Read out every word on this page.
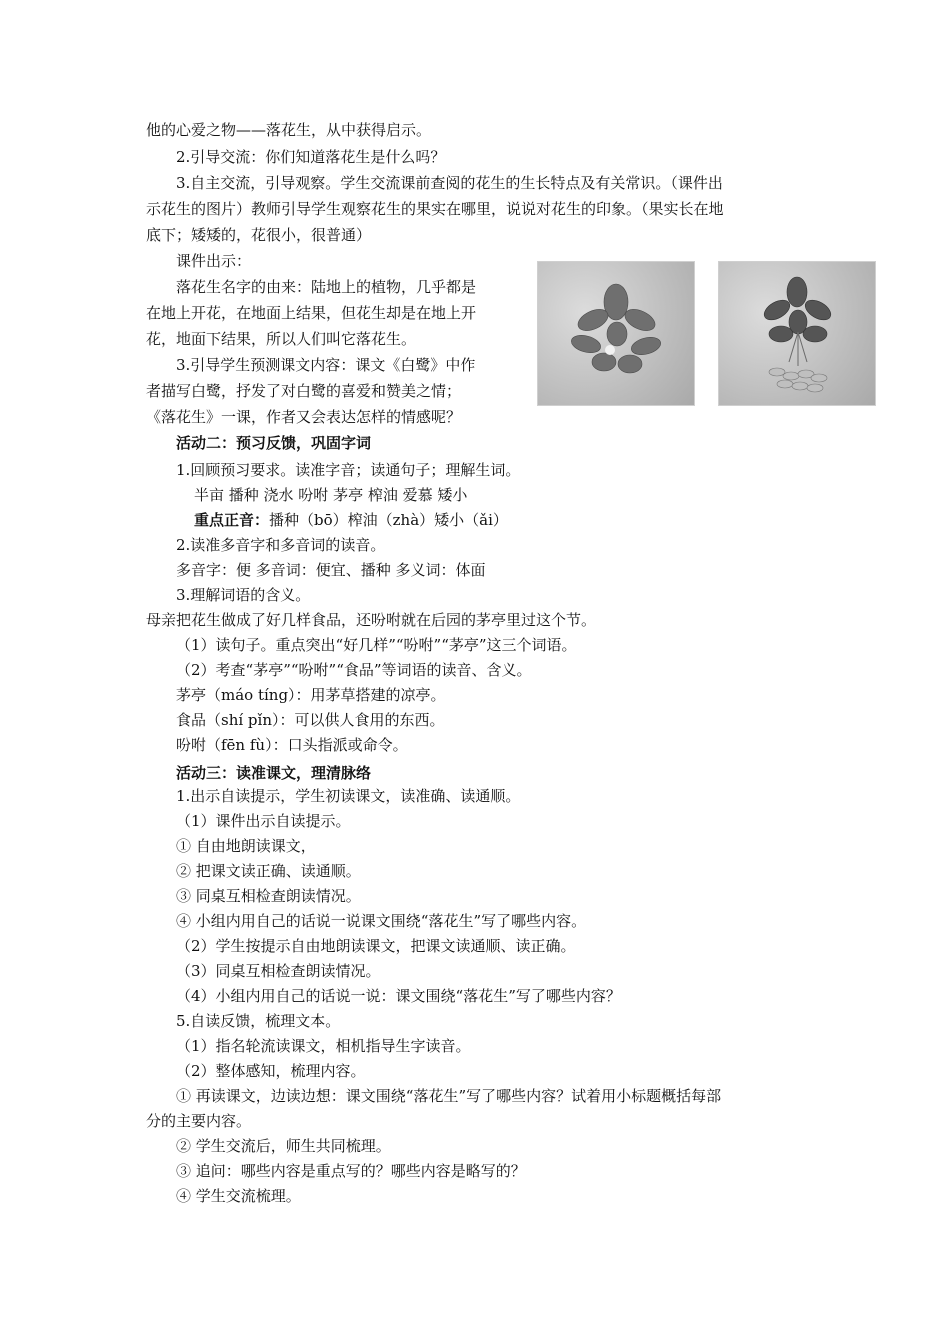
他的心爱之物——落花生，从中获得启示。
2.引导交流：你们知道落花生是什么吗？
3.自主交流，引导观察。学生交流课前查阅的花生的生长特点及有关常识。（课件出
示花生的图片）教师引导学生观察花生的果实在哪里，说说对花生的印象。（果实长在地
底下；矮矮的，花很小，很普通）
课件出示：
落花生名字的由来：陆地上的植物，几乎都是
在地上开花，在地面上结果，但花生却是在地上开
花，地面下结果，所以人们叫它落花生。
3.引导学生预测课文内容：课文《白鹭》中作
者描写白鹭，抒发了对白鹭的喜爱和赞美之情；
《落花生》一课，作者又会表达怎样的情感呢？
活动二：预习反馈，巩固字词
1.回顾预习要求。读准字音；读通句子；理解生词。
半亩 播种 浇水 吩咐 茅亭 榨油 爱慕 矮小
重点正音：播种（bō）榨油（zhà）矮小（ǎi）
2.读准多音字和多音词的读音。
多音字：便 多音词：便宜、播种 多义词：体面
3.理解词语的含义。
母亲把花生做成了好几样食品，还吩咐就在后园的茅亭里过这个节。
（1）读句子。重点突出“好几样”“吩咐”“茅亭”这三个词语。
（2）考查“茅亭”“吩咐”“食品”等词语的读音、含义。
茅亭（máo tíng）：用茅草搭建的凉亭。
食品（shí pǐn）：可以供人食用的东西。
吩咐（fēn fù）：口头指派或命令。
活动三：读准课文，理清脉络
1.出示自读提示，学生初读课文，读准确、读通顺。
（1）课件出示自读提示。
① 自由地朗读课文，
② 把课文读正确、读通顺。
③ 同桌互相检查朗读情况。
④ 小组内用自己的话说一说课文围绕“落花生”写了哪些内容。
（2）学生按提示自由地朗读课文，把课文读通顺、读正确。
（3）同桌互相检查朗读情况。
（4）小组内用自己的话说一说：课文围绕“落花生”写了哪些内容？
5.自读反馈，梳理文本。
（1）指名轮流读课文，相机指导生字读音。
（2）整体感知，梳理内容。
① 再读课文，边读边想：课文围绕“落花生”写了哪些内容？试着用小标题概括每部
分的主要内容。
② 学生交流后，师生共同梳理。
③ 追问：哪些内容是重点写的？哪些内容是略写的？
④ 学生交流梳理。
